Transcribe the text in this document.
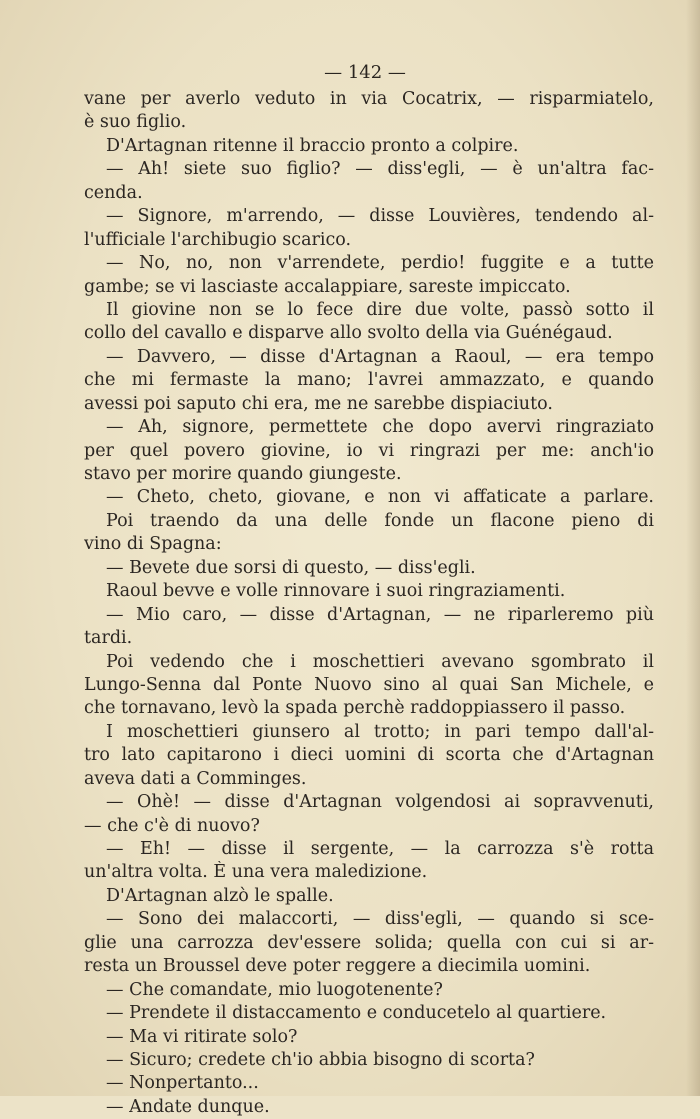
— 142 —
vane per averlo veduto in via Cocatrix, — risparmiatelo,
è suo figlio.
D'Artagnan ritenne il braccio pronto a colpire.
— Ah! siete suo figlio? — diss'egli, — è un'altra fac-
cenda.
— Signore, m'arrendo, — disse Louvières, tendendo al-
l'ufficiale l'archibugio scarico.
— No, no, non v'arrendete, perdio! fuggite e a tutte
gambe; se vi lasciaste accalappiare, sareste impiccato.
Il giovine non se lo fece dire due volte, passò sotto il
collo del cavallo e disparve allo svolto della via Guénégaud.
— Davvero, — disse d'Artagnan a Raoul, — era tempo
che mi fermaste la mano; l'avrei ammazzato, e quando
avessi poi saputo chi era, me ne sarebbe dispiaciuto.
— Ah, signore, permettete che dopo avervi ringraziato
per quel povero giovine, io vi ringrazi per me: anch'io
stavo per morire quando giungeste.
— Cheto, cheto, giovane, e non vi affaticate a parlare.
Poi traendo da una delle fonde un flacone pieno di
vino di Spagna:
— Bevete due sorsi di questo, — diss'egli.
Raoul bevve e volle rinnovare i suoi ringraziamenti.
— Mio caro, — disse d'Artagnan, — ne riparleremo più
tardi.
Poi vedendo che i moschettieri avevano sgombrato il
Lungo-Senna dal Ponte Nuovo sino al quai San Michele, e
che tornavano, levò la spada perchè raddoppiassero il passo.
I moschettieri giunsero al trotto; in pari tempo dall'al-
tro lato capitarono i dieci uomini di scorta che d'Artagnan
aveva dati a Comminges.
— Ohè! — disse d'Artagnan volgendosi ai sopravvenuti,
— che c'è di nuovo?
— Eh! — disse il sergente, — la carrozza s'è rotta
un'altra volta. È una vera maledizione.
D'Artagnan alzò le spalle.
— Sono dei malaccorti, — diss'egli, — quando si sce-
glie una carrozza dev'essere solida; quella con cui si ar-
resta un Broussel deve poter reggere a diecimila uomini.
— Che comandate, mio luogotenente?
— Prendete il distaccamento e conducetelo al quartiere.
— Ma vi ritirate solo?
— Sicuro; credete ch'io abbia bisogno di scorta?
— Nonpertanto...
— Andate dunque.
